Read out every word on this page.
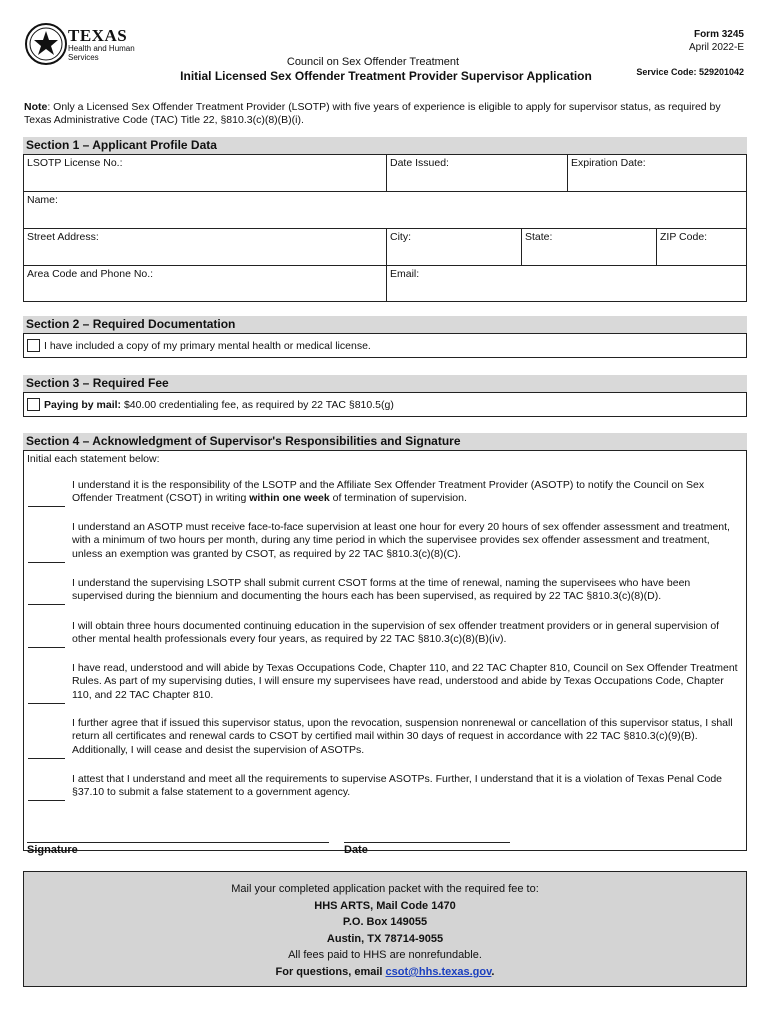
TEXAS
Health and Human Services
Form 3245
April 2022-E
Council on Sex Offender Treatment
Initial Licensed Sex Offender Treatment Provider Supervisor Application	Service Code: 529201042
Note: Only a Licensed Sex Offender Treatment Provider (LSOTP) with five years of experience is eligible to apply for supervisor status, as required by Texas Administrative Code (TAC) Title 22, §810.3(c)(8)(B)(i).
Section 1 – Applicant Profile Data
LSOTP License No.:	Date Issued:	Expiration Date:
Name:
Street Address:	City:	State:	ZIP Code:
Area Code and Phone No.:	Email:
Section 2 – Required Documentation
I have included a copy of my primary mental health or medical license.
Section 3 – Required Fee
Paying by mail: $40.00 credentialing fee, as required by 22 TAC §810.5(g)
Section 4 – Acknowledgment of Supervisor's Responsibilities and Signature
Initial each statement below:
I understand it is the responsibility of the LSOTP and the Affiliate Sex Offender Treatment Provider (ASOTP) to notify the Council on Sex Offender Treatment (CSOT) in writing within one week of termination of supervision.
I understand an ASOTP must receive face-to-face supervision at least one hour for every 20 hours of sex offender assessment and treatment, with a minimum of two hours per month, during any time period in which the supervisee provides sex offender assessment and treatment, unless an exemption was granted by CSOT, as required by 22 TAC §810.3(c)(8)(C).
I understand the supervising LSOTP shall submit current CSOT forms at the time of renewal, naming the supervisees who have been supervised during the biennium and documenting the hours each has been supervised, as required by 22 TAC §810.3(c)(8)(D).
I will obtain three hours documented continuing education in the supervision of sex offender treatment providers or in general supervision of other mental health professionals every four years, as required by 22 TAC §810.3(c)(8)(B)(iv).
I have read, understood and will abide by Texas Occupations Code, Chapter 110, and 22 TAC Chapter 810, Council on Sex Offender Treatment Rules. As part of my supervising duties, I will ensure my supervisees have read, understood and abide by Texas Occupations Code, Chapter 110, and 22 TAC Chapter 810.
I further agree that if issued this supervisor status, upon the revocation, suspension nonrenewal or cancellation of this supervisor status, I shall return all certificates and renewal cards to CSOT by certified mail within 30 days of request in accordance with 22 TAC §810.3(c)(9)(B). Additionally, I will cease and desist the supervision of ASOTPs.
I attest that I understand and meet all the requirements to supervise ASOTPs. Further, I understand that it is a violation of Texas Penal Code §37.10 to submit a false statement to a government agency.
Signature	Date
Mail your completed application packet with the required fee to:
HHS ARTS, Mail Code 1470
P.O. Box 149055
Austin, TX 78714-9055
All fees paid to HHS are nonrefundable.
For questions, email csot@hhs.texas.gov.
